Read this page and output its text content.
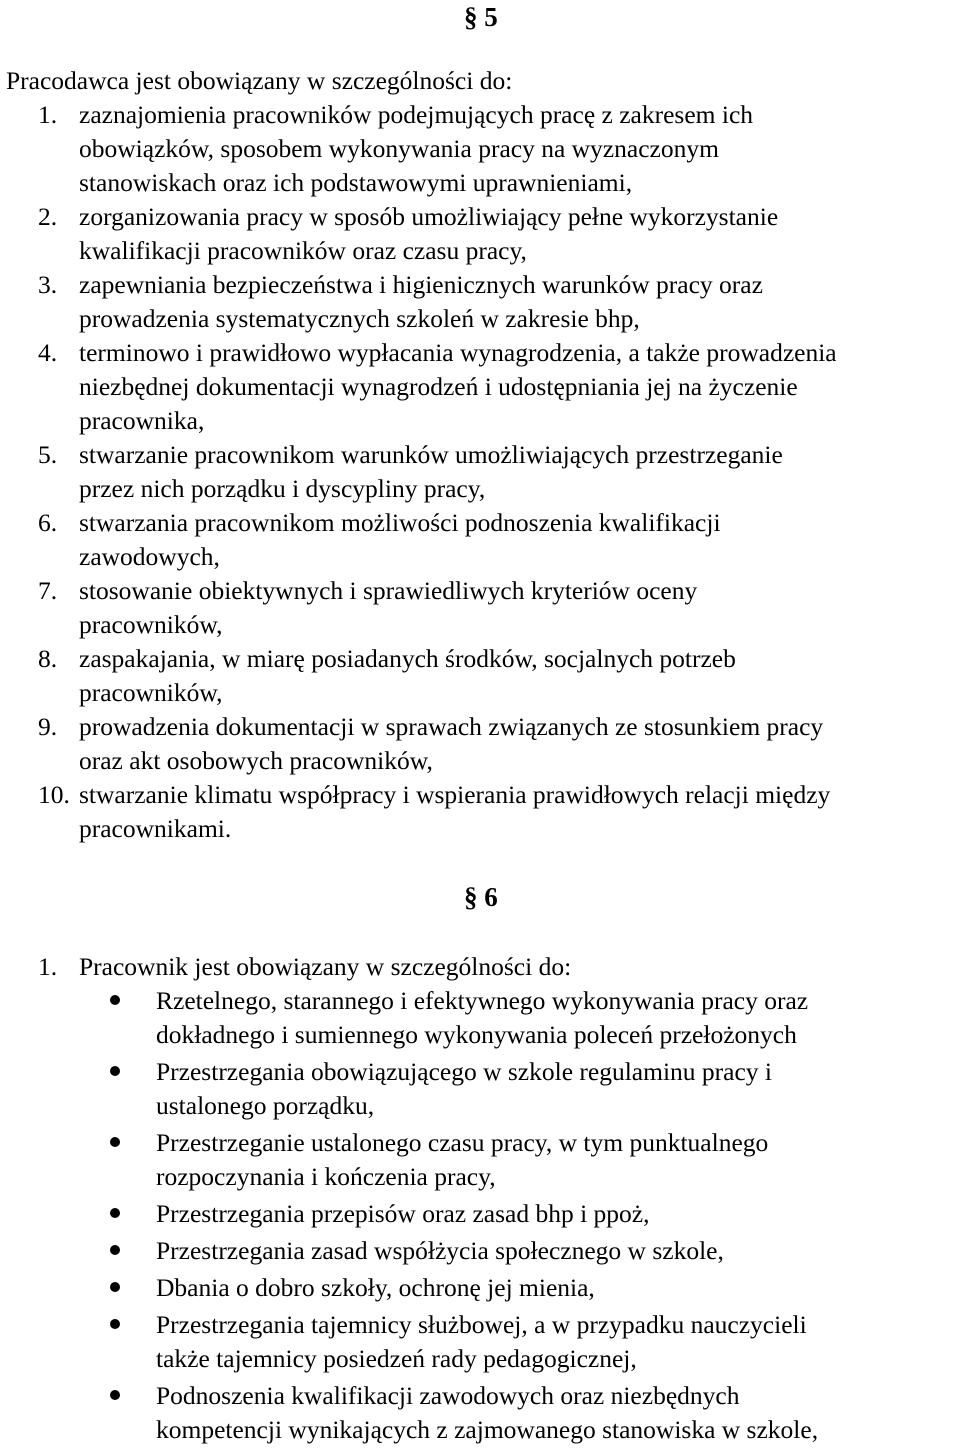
§ 5
Pracodawca jest obowiązany w szczególności do:
1. zaznajomienia pracowników podejmujących pracę z zakresem ich
obowiązków, sposobem wykonywania pracy na wyznaczonym
stanowiskach oraz ich podstawowymi uprawnieniami,
2. zorganizowania pracy w sposób umożliwiający pełne wykorzystanie
kwalifikacji pracowników oraz czasu pracy,
3. zapewniania bezpieczeństwa i higienicznych warunków pracy oraz
prowadzenia systematycznych szkoleń w zakresie bhp,
4. terminowo i prawidłowo wypłacania wynagrodzenia, a także prowadzenia
niezbędnej dokumentacji wynagrodzeń i udostępniania jej na życzenie
pracownika,
5. stwarzanie pracownikom warunków umożliwiających przestrzeganie
przez nich porządku i dyscypliny pracy,
6. stwarzania pracownikom możliwości podnoszenia kwalifikacji
zawodowych,
7. stosowanie obiektywnych i sprawiedliwych kryteriów oceny
pracowników,
8. zaspakajania, w miarę posiadanych środków, socjalnych potrzeb
pracowników,
9. prowadzenia dokumentacji w sprawach związanych ze stosunkiem pracy
oraz akt osobowych pracowników,
10. stwarzanie klimatu współpracy i wspierania prawidłowych relacji między
pracownikami.
§ 6
1. Pracownik jest obowiązany w szczególności do:
Rzetelnego, starannego i efektywnego wykonywania pracy oraz
dokładnego i sumiennego wykonywania poleceń przełożonych
Przestrzegania obowiązującego w szkole regulaminu pracy i
ustalonego porządku,
Przestrzeganie ustalonego czasu pracy, w tym punktualnego
rozpoczynania i kończenia pracy,
Przestrzegania przepisów oraz zasad bhp i ppoż,
Przestrzegania zasad współżycia społecznego w szkole,
Dbania o dobro szkoły, ochronę jej mienia,
Przestrzegania tajemnicy służbowej, a w przypadku nauczycieli
także tajemnicy posiedzeń rady pedagogicznej,
Podnoszenia kwalifikacji zawodowych oraz niezbędnych
kompetencji wynikających z zajmowanego stanowiska w szkole,
